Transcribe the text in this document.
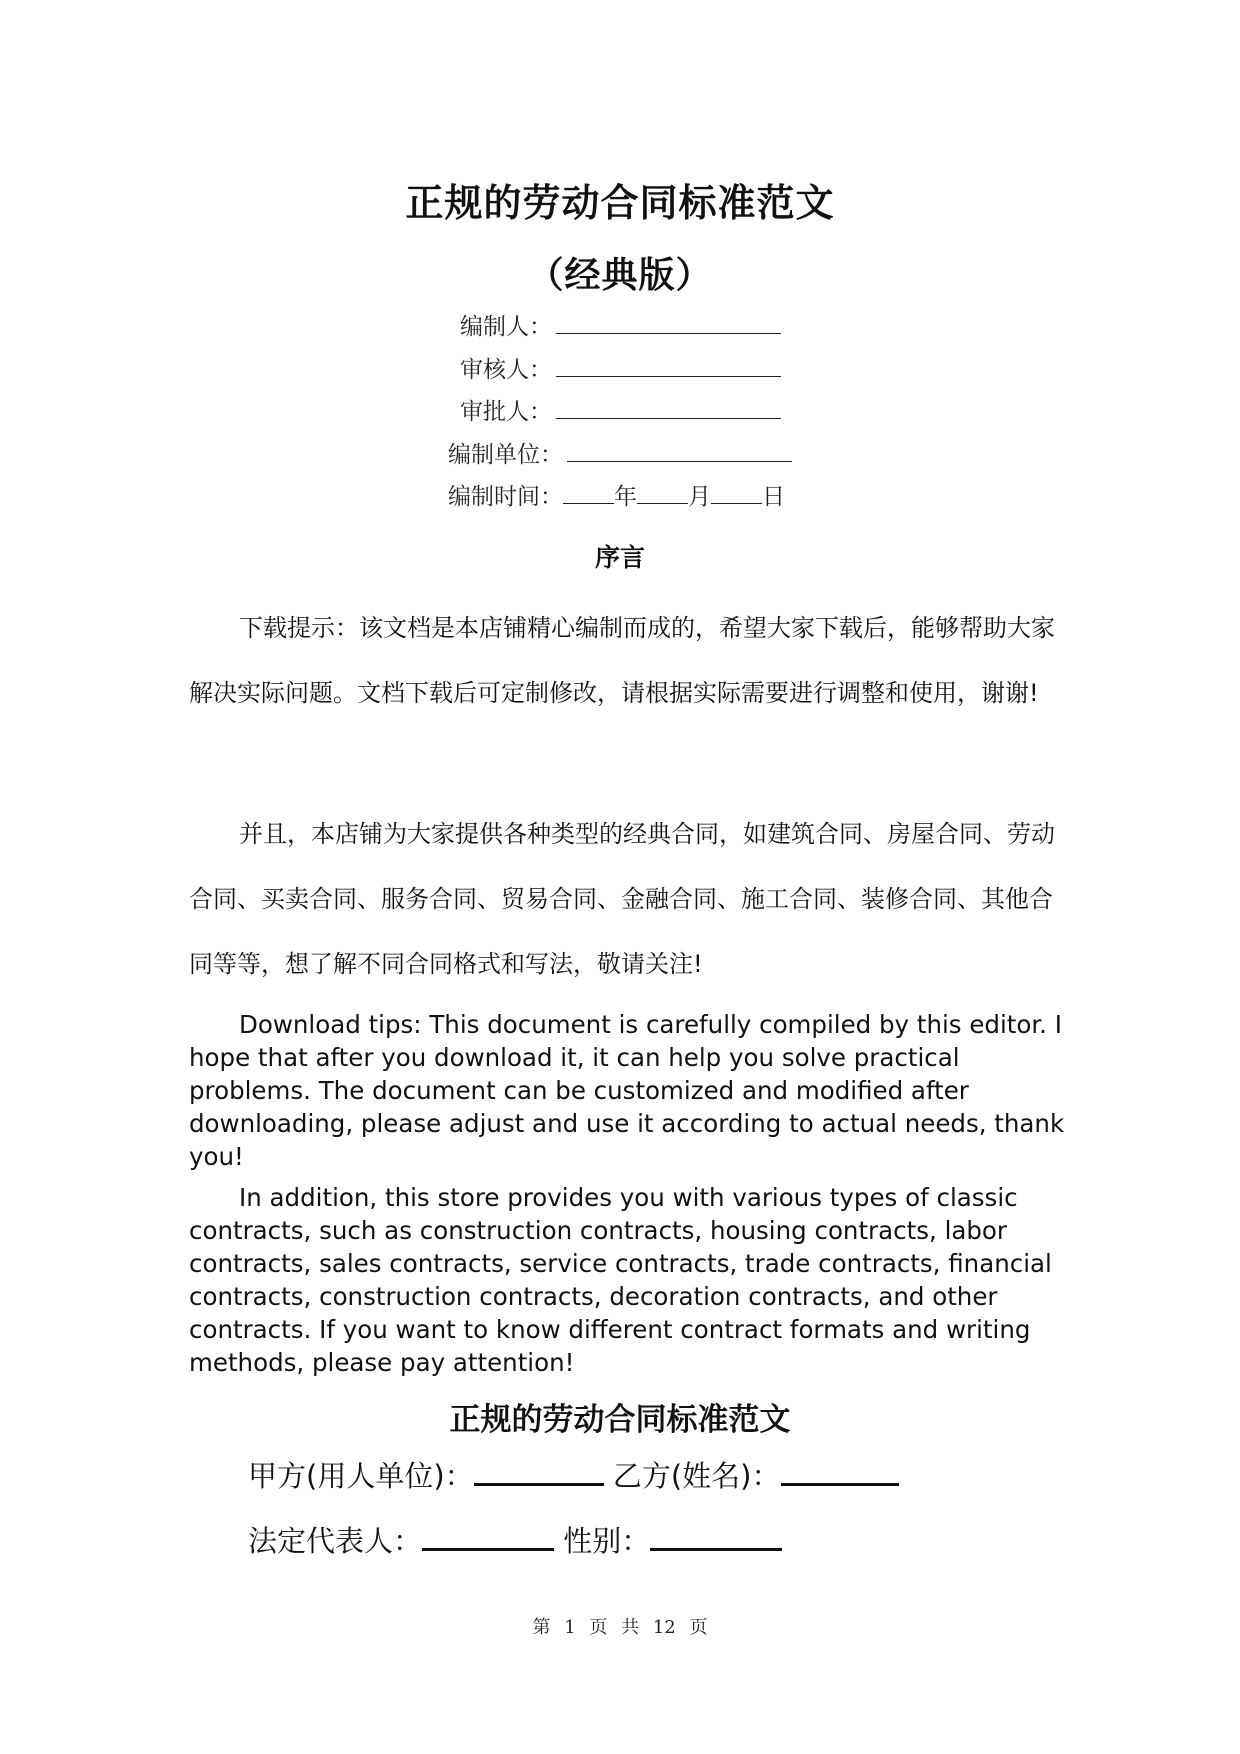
正规的劳动合同标准范文
（经典版）
编制人：
审核人：
审批人：
编制单位：
编制时间： 年 月 日
序言
下载提示：该文档是本店铺精心编制而成的，希望大家下载后，能够帮助大家解决实际问题。文档下载后可定制修改，请根据实际需要进行调整和使用，谢谢!
并且，本店铺为大家提供各种类型的经典合同，如建筑合同、房屋合同、劳动合同、买卖合同、服务合同、贸易合同、金融合同、施工合同、装修合同、其他合同等等，想了解不同合同格式和写法，敬请关注!
Download tips: This document is carefully compiled by this editor. I hope that after you download it, it can help you solve practical problems. The document can be customized and modified after downloading, please adjust and use it according to actual needs, thank you!
In addition, this store provides you with various types of classic contracts, such as construction contracts, housing contracts, labor contracts, sales contracts, service contracts, trade contracts, financial contracts, construction contracts, decoration contracts, and other contracts. If you want to know different contract formats and writing methods, please pay attention!
正规的劳动合同标准范文
甲方(用人单位)：	乙方(姓名)：
法定代表人：	性别：
第 1 页 共 12 页
